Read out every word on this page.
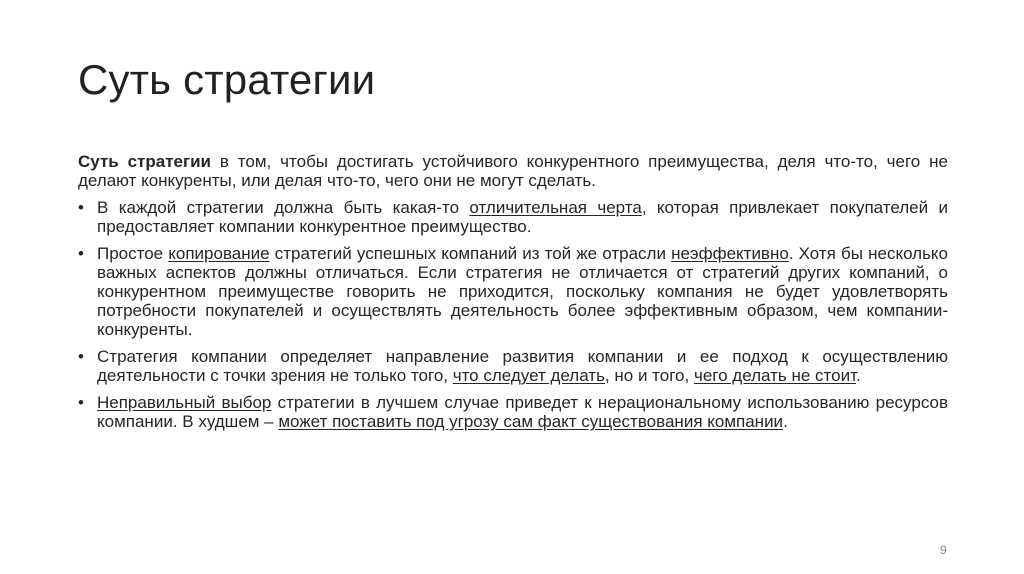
Суть стратегии

Суть стратегии в том, чтобы достигать устойчивого конкурентного преимущества, деля что-то, чего не делают конкуренты, или делая что-то, чего они не могут сделать.

• В каждой стратегии должна быть какая-то отличительная черта, которая привлекает покупателей и предоставляет компании конкурентное преимущество.
• Простое копирование стратегий успешных компаний из той же отрасли неэффективно. Хотя бы несколько важных аспектов должны отличаться. Если стратегия не отличается от стратегий других компаний, о конкурентном преимуществе говорить не приходится, поскольку компания не будет удовлетворять потребности покупателей и осуществлять деятельность более эффективным образом, чем компании-конкуренты.
• Стратегия компании определяет направление развития компании и ее подход к осуществлению деятельности с точки зрения не только того, что следует делать, но и того, чего делать не стоит.
• Неправильный выбор стратегии в лучшем случае приведет к нерациональному использованию ресурсов компании. В худшем – может поставить под угрозу сам факт существования компании.
9
